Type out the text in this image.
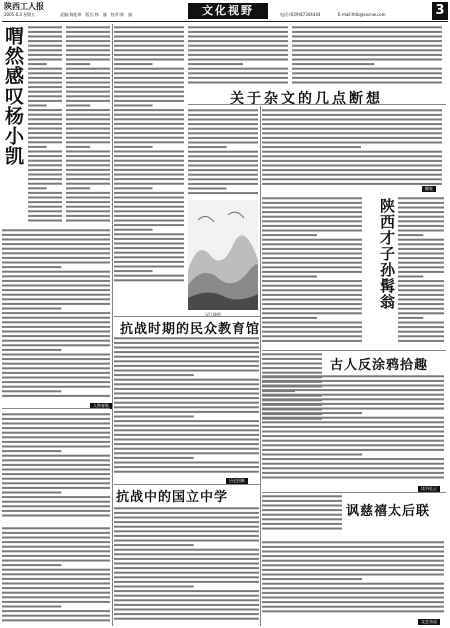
陕西工人报
2005.6.3 星期五	责编:杨乾坤　版式:林　潼　校对:林　潼	文化视野	电话:(029)87344444	E-mail:lhtb@sxcnw.com	3
喟然感叹杨小凯
人物春秋
汉江晓韵
关于杂文的几点断想
随笔
陕西才子孙髯翁
抗战时期的民众教育馆
历史回眸
古人反涂鸦拾趣
读书札记
讽慈禧太后联
文史杂谈
抗战中的国立中学
